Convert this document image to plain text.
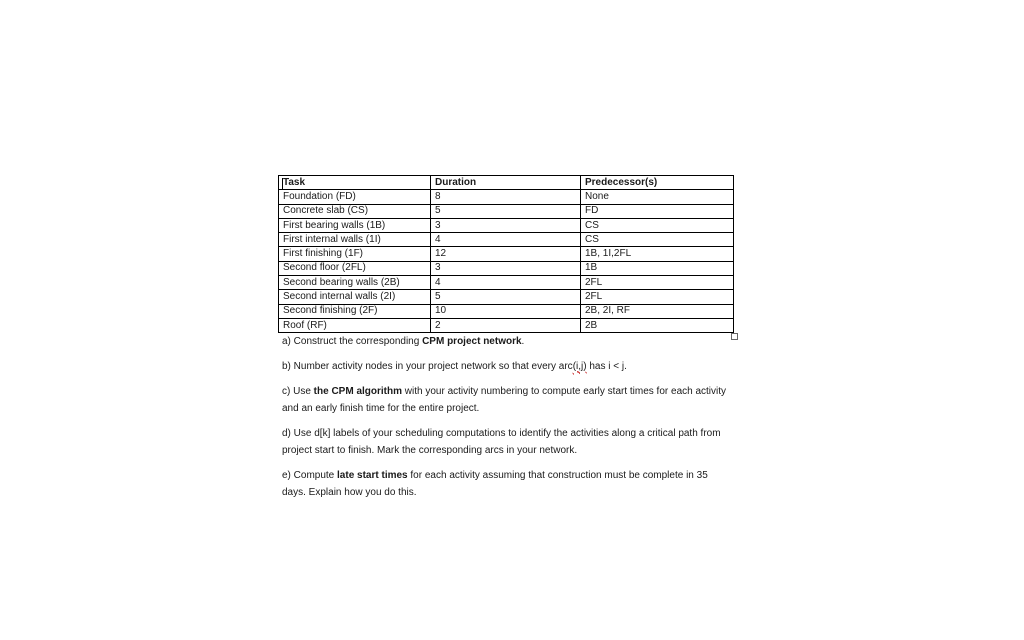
Task	Duration	Predecessor(s)
Foundation (FD)	8	None
Concrete slab (CS)	5	FD
First bearing walls (1B)	3	CS
First internal walls (1I)	4	CS
First finishing (1F)	12	1B, 1I,2FL
Second floor (2FL)	3	1B
Second bearing walls (2B)	4	2FL
Second internal walls (2I)	5	2FL
Second finishing (2F)	10	2B, 2I, RF
Roof (RF)	2	2B

a) Construct the corresponding CPM project network.

b) Number activity nodes in your project network so that every arc(i,j) has i < j.

c) Use the CPM algorithm with your activity numbering to compute early start times for each activity and an early finish time for the entire project.

d) Use d[k] labels of your scheduling computations to identify the activities along a critical path from project start to finish. Mark the corresponding arcs in your network.

e) Compute late start times for each activity assuming that construction must be complete in 35 days. Explain how you do this.
